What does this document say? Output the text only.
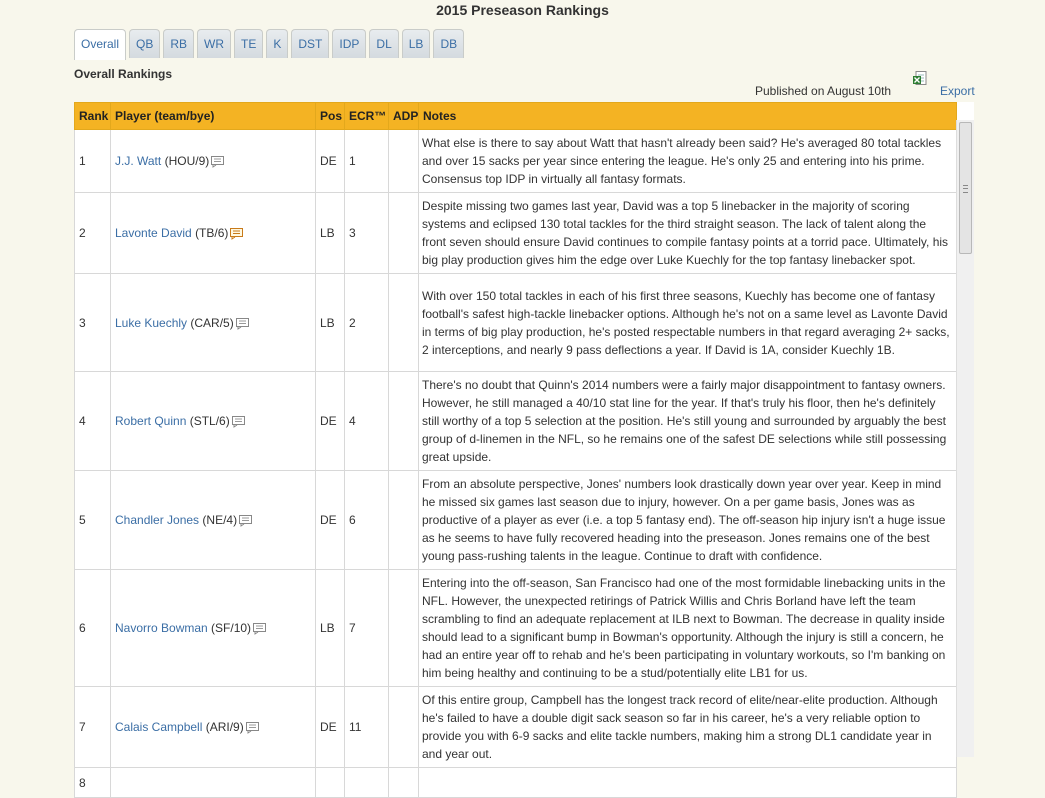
2015 Preseason Rankings
Overall	QB	RB	WR	TE	K	DST	IDP	DL	LB	DB
Overall Rankings
Published on August 10th	Export
Rank	Player (team/bye)	Pos	ECR™	ADP	Notes
1	J.J. Watt (HOU/9)	DE	1		What else is there to say about Watt that hasn't already been said? He's averaged 80 total tackles and over 15 sacks per year since entering the league. He's only 25 and entering into his prime. Consensus top IDP in virtually all fantasy formats.
2	Lavonte David (TB/6)	LB	3		Despite missing two games last year, David was a top 5 linebacker in the majority of scoring systems and eclipsed 130 total tackles for the third straight season. The lack of talent along the front seven should ensure David continues to compile fantasy points at a torrid pace. Ultimately, his big play production gives him the edge over Luke Kuechly for the top fantasy linebacker spot.
3	Luke Kuechly (CAR/5)	LB	2		With over 150 total tackles in each of his first three seasons, Kuechly has become one of fantasy football's safest high-tackle linebacker options. Although he's not on a same level as Lavonte David in terms of big play production, he's posted respectable numbers in that regard averaging 2+ sacks, 2 interceptions, and nearly 9 pass deflections a year. If David is 1A, consider Kuechly 1B.
4	Robert Quinn (STL/6)	DE	4		There's no doubt that Quinn's 2014 numbers were a fairly major disappointment to fantasy owners. However, he still managed a 40/10 stat line for the year. If that's truly his floor, then he's definitely still worthy of a top 5 selection at the position. He's still young and surrounded by arguably the best group of d-linemen in the NFL, so he remains one of the safest DE selections while still possessing great upside.
5	Chandler Jones (NE/4)	DE	6		From an absolute perspective, Jones' numbers look drastically down year over year. Keep in mind he missed six games last season due to injury, however. On a per game basis, Jones was as productive of a player as ever (i.e. a top 5 fantasy end). The off-season hip injury isn't a huge issue as he seems to have fully recovered heading into the preseason. Jones remains one of the best young pass-rushing talents in the league. Continue to draft with confidence.
6	Navorro Bowman (SF/10)	LB	7		Entering into the off-season, San Francisco had one of the most formidable linebacking units in the NFL. However, the unexpected retirings of Patrick Willis and Chris Borland have left the team scrambling to find an adequate replacement at ILB next to Bowman. The decrease in quality inside should lead to a significant bump in Bowman's opportunity. Although the injury is still a concern, he had an entire year off to rehab and he's been participating in voluntary workouts, so I'm banking on him being healthy and continuing to be a stud/potentially elite LB1 for us.
7	Calais Campbell (ARI/9)	DE	11		Of this entire group, Campbell has the longest track record of elite/near-elite production. Although he's failed to have a double digit sack season so far in his career, he's a very reliable option to provide you with 6-9 sacks and elite tackle numbers, making him a strong DL1 candidate year in and year out.
8					
